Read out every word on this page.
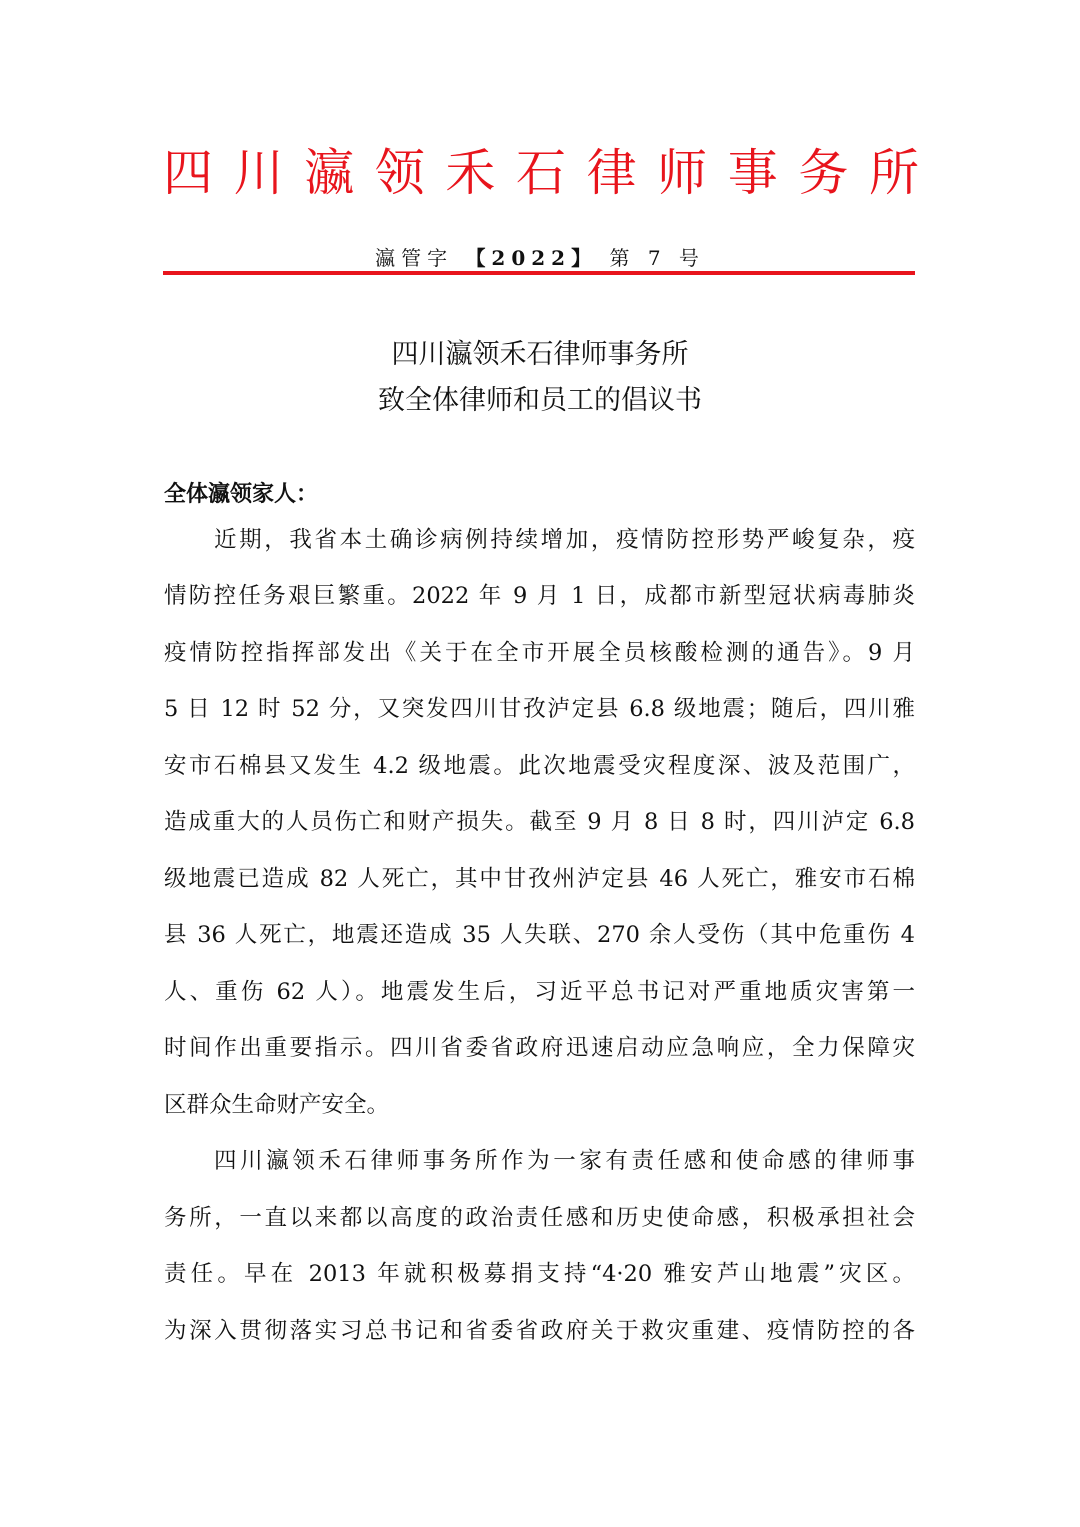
四 川 瀛 领 禾 石 律 师 事 务 所
瀛管字 【2022】 第 7 号
四川瀛领禾石律师事务所
致全体律师和员工的倡议书
全体瀛领家人：
近期，我省本土确诊病例持续增加，疫情防控形势严峻复杂，疫
情防控任务艰巨繁重。2022 年 9 月 1 日，成都市新型冠状病毒肺炎
疫情防控指挥部发出《关于在全市开展全员核酸检测的通告》。9 月
5 日 12 时 52 分，又突发四川甘孜泸定县 6.8 级地震；随后，四川雅
安市石棉县又发生 4.2 级地震。此次地震受灾程度深、波及范围广，
造成重大的人员伤亡和财产损失。截至 9 月 8 日 8 时，四川泸定 6.8
级地震已造成 82 人死亡，其中甘孜州泸定县 46 人死亡，雅安市石棉
县 36 人死亡，地震还造成 35 人失联、270 余人受伤（其中危重伤 4
人、重伤 62 人）。地震发生后，习近平总书记对严重地质灾害第一
时间作出重要指示。四川省委省政府迅速启动应急响应，全力保障灾
区群众生命财产安全。
四川瀛领禾石律师事务所作为一家有责任感和使命感的律师事
务所，一直以来都以高度的政治责任感和历史使命感，积极承担社会
责任。早在 2013 年就积极募捐支持“4·20 雅安芦山地震”灾区。
为深入贯彻落实习总书记和省委省政府关于救灾重建、疫情防控的各
